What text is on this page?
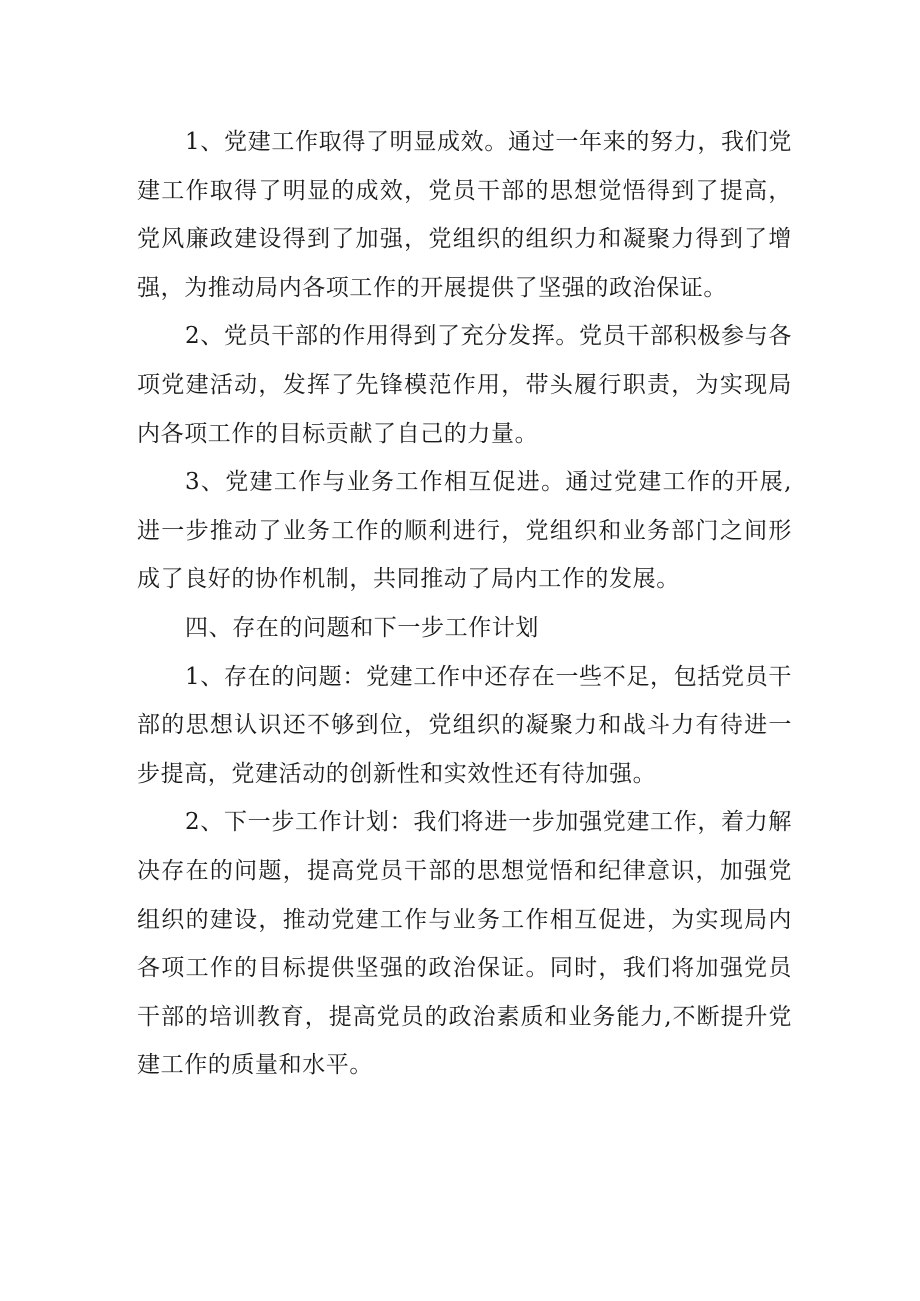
1、党建工作取得了明显成效。通过一年来的努力，我们党建工作取得了明显的成效，党员干部的思想觉悟得到了提高，党风廉政建设得到了加强，党组织的组织力和凝聚力得到了增强，为推动局内各项工作的开展提供了坚强的政治保证。

2、党员干部的作用得到了充分发挥。党员干部积极参与各项党建活动，发挥了先锋模范作用，带头履行职责，为实现局内各项工作的目标贡献了自己的力量。

3、党建工作与业务工作相互促进。通过党建工作的开展,进一步推动了业务工作的顺利进行，党组织和业务部门之间形成了良好的协作机制，共同推动了局内工作的发展。

四、存在的问题和下一步工作计划

1、存在的问题：党建工作中还存在一些不足，包括党员干部的思想认识还不够到位，党组织的凝聚力和战斗力有待进一步提高，党建活动的创新性和实效性还有待加强。

2、下一步工作计划：我们将进一步加强党建工作，着力解决存在的问题，提高党员干部的思想觉悟和纪律意识，加强党组织的建设，推动党建工作与业务工作相互促进，为实现局内各项工作的目标提供坚强的政治保证。同时，我们将加强党员干部的培训教育，提高党员的政治素质和业务能力,不断提升党建工作的质量和水平。
